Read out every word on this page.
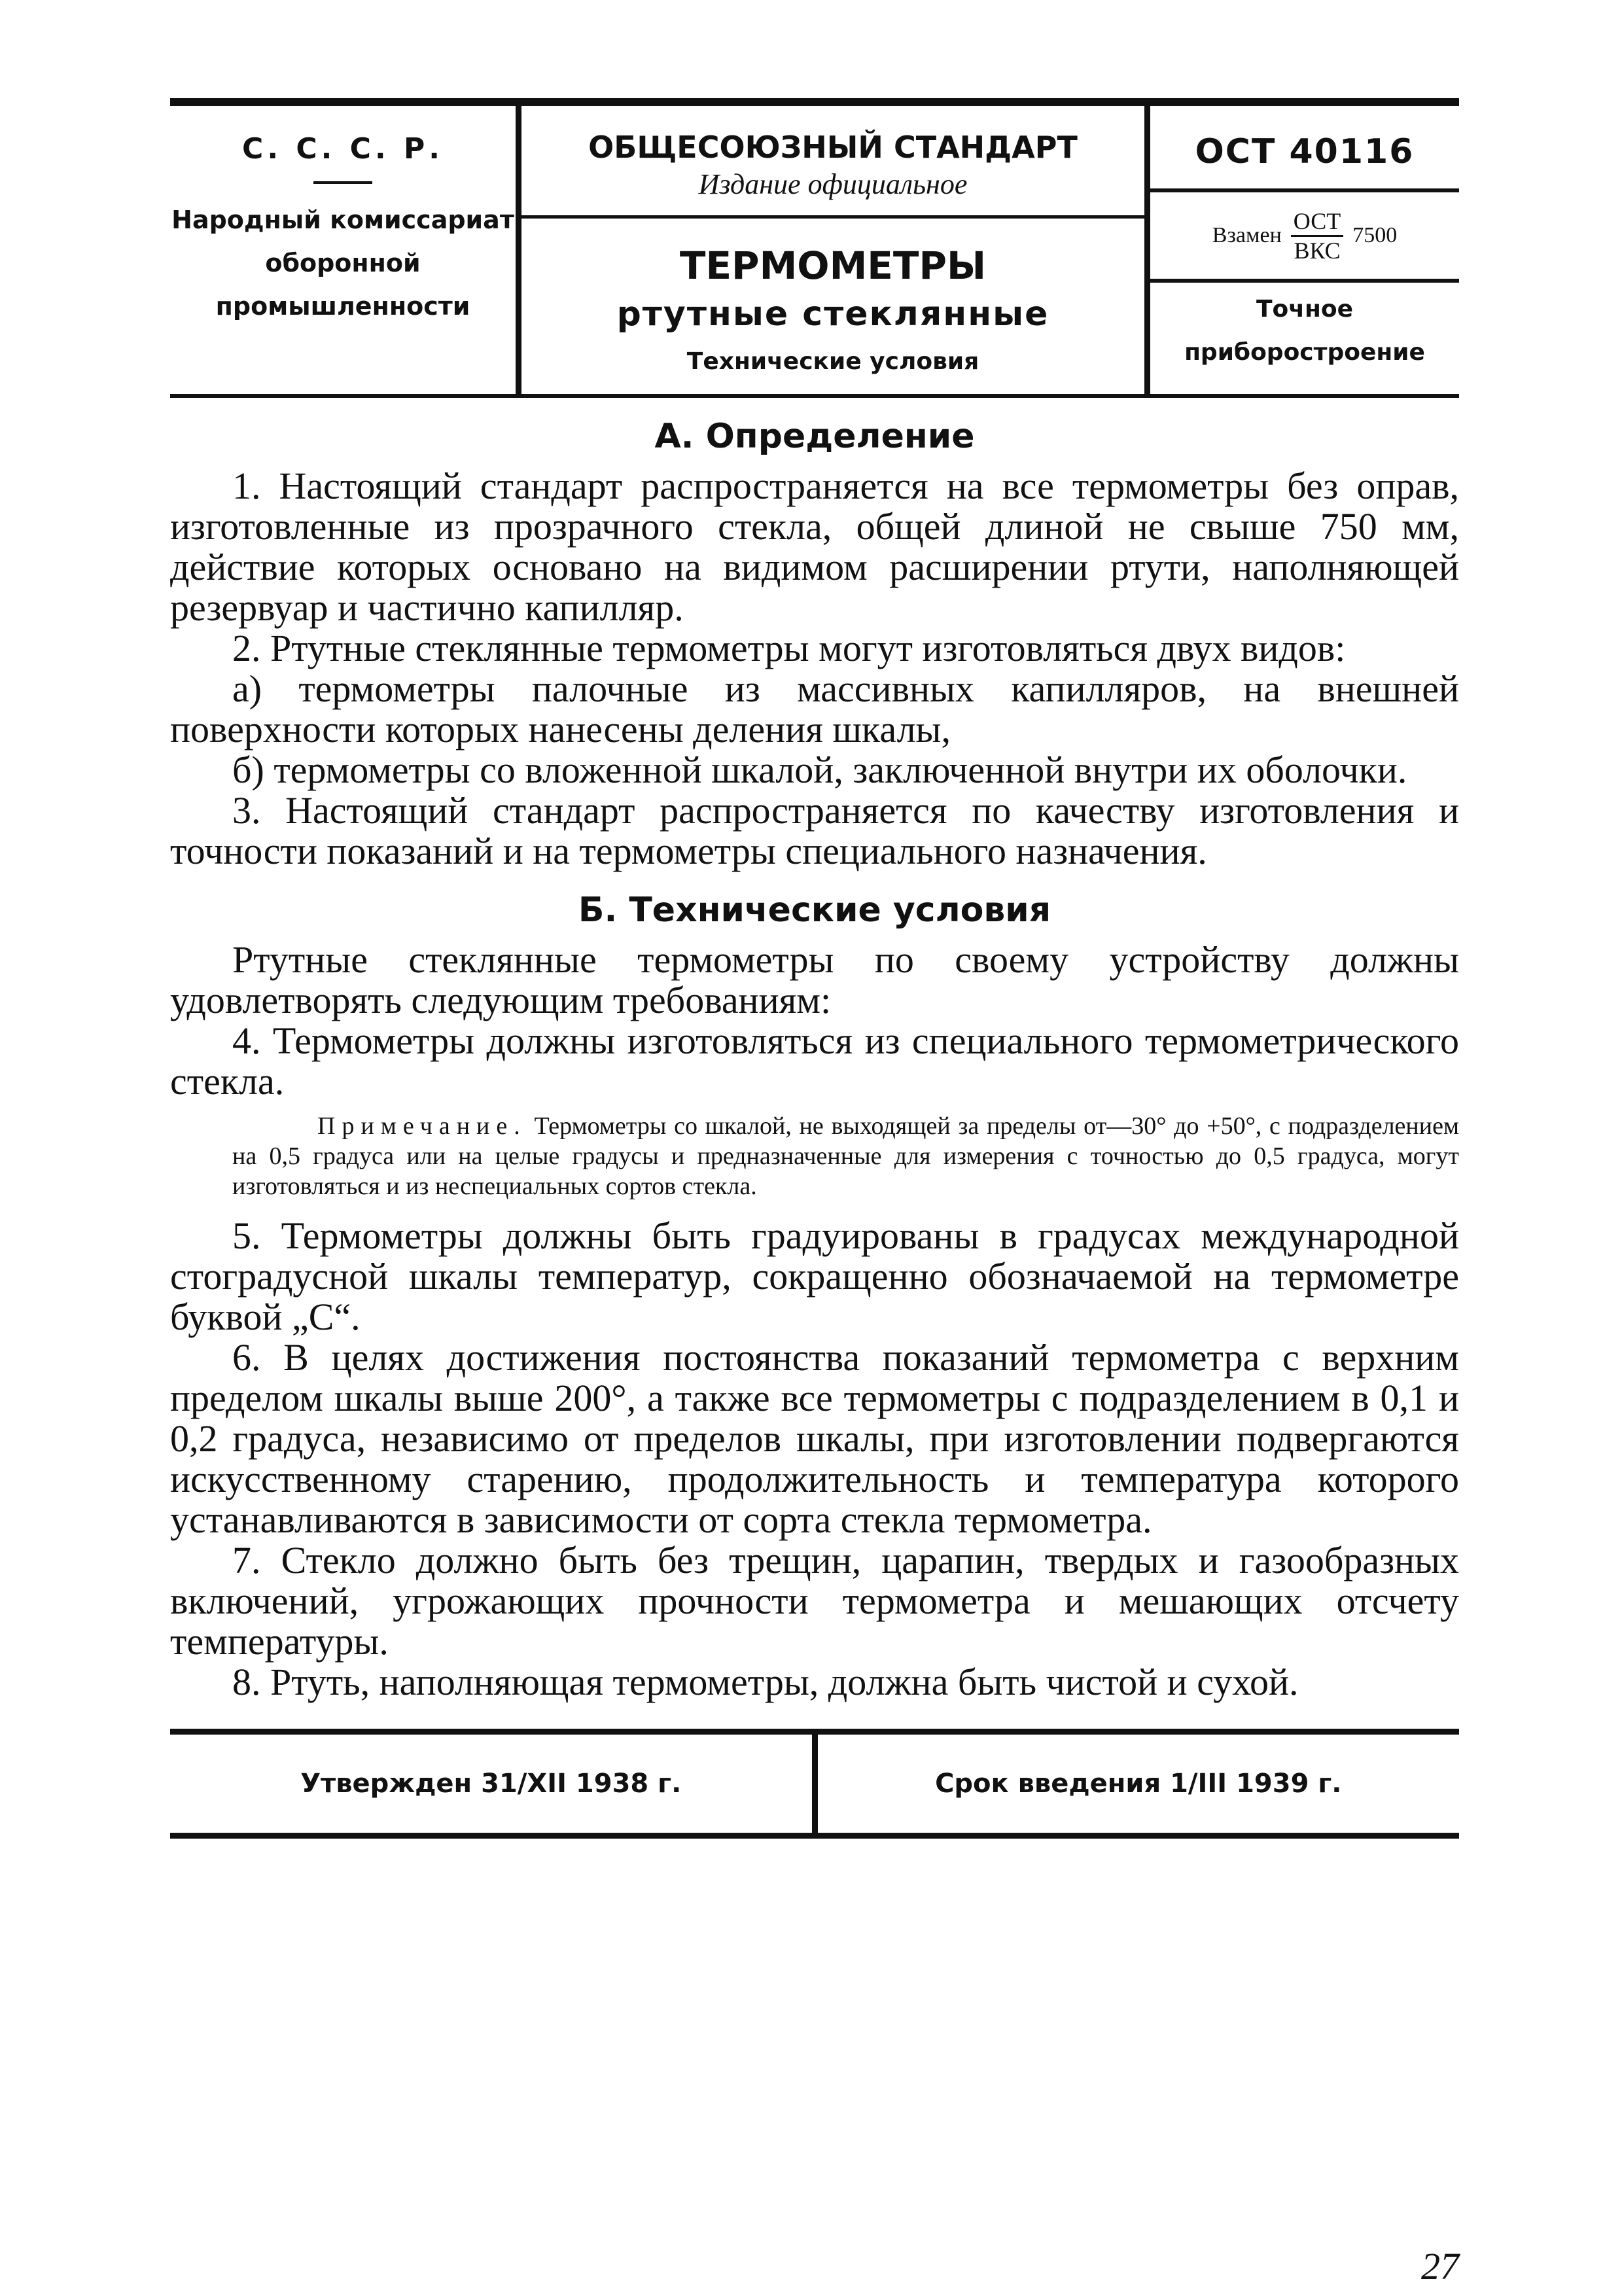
С. С. С. Р.
Народный комиссариат
оборонной
промышленности
ОБЩЕСОЮЗНЫЙ СТАНДАРТ
Издание официальное
ТЕРМОМЕТРЫ
ртутные стеклянные
Технические условия
ОСТ 40116
Взамен $\frac{\text{ОСТ}}{\text{ВКС}} 7500$
Точное
приборостроение
А. Определение

1. Настоящий стандарт распространяется на все термометры без оправ, изготовленные из прозрачного стекла, общей длиной не свыше 750 мм, действие которых основано на видимом расширении ртути, наполняющей резервуар и частично капилляр.

2. Ртутные стеклянные термометры могут изготовляться двух видов:

а) термометры палочные из массивных капилляров, на внешней поверхности которых нанесены деления шкалы,

б) термометры со вложенной шкалой, заключенной внутри их оболочки.

3. Настоящий стандарт распространяется по качеству изготовления и точности показаний и на термометры специального назначения.

Б. Технические условия

Ртутные стеклянные термометры по своему устройству должны удовлетворять следующим требованиям:

4. Термометры должны изготовляться из специального термометрического стекла.

Примечание. Термометры со шкалой, не выходящей за пределы от—30° до +50°, с подразделением на 0,5 градуса или на целые градусы и предназначенные для измерения с точностью до 0,5 градуса, могут изготовляться и из неспециальных сортов стекла.

5. Термометры должны быть градуированы в градусах международной стоградусной шкалы температур, сокращенно обозначаемой на термометре буквой „С“.

6. В целях достижения постоянства показаний термометра с верхним пределом шкалы выше 200°, а также все термометры с подразделением в 0,1 и 0,2 градуса, независимо от пределов шкалы, при изготовлении подвергаются искусственному старению, продолжительность и температура которого устанавливаются в зависимости от сорта стекла термометра.

7. Стекло должно быть без трещин, царапин, твердых и газообразных включений, угрожающих прочности термометра и мешающих отсчету температуры.

8. Ртуть, наполняющая термометры, должна быть чистой и сухой.

Утвержден 31/XII 1938 г.	Срок введения 1/III 1939 г.
27
